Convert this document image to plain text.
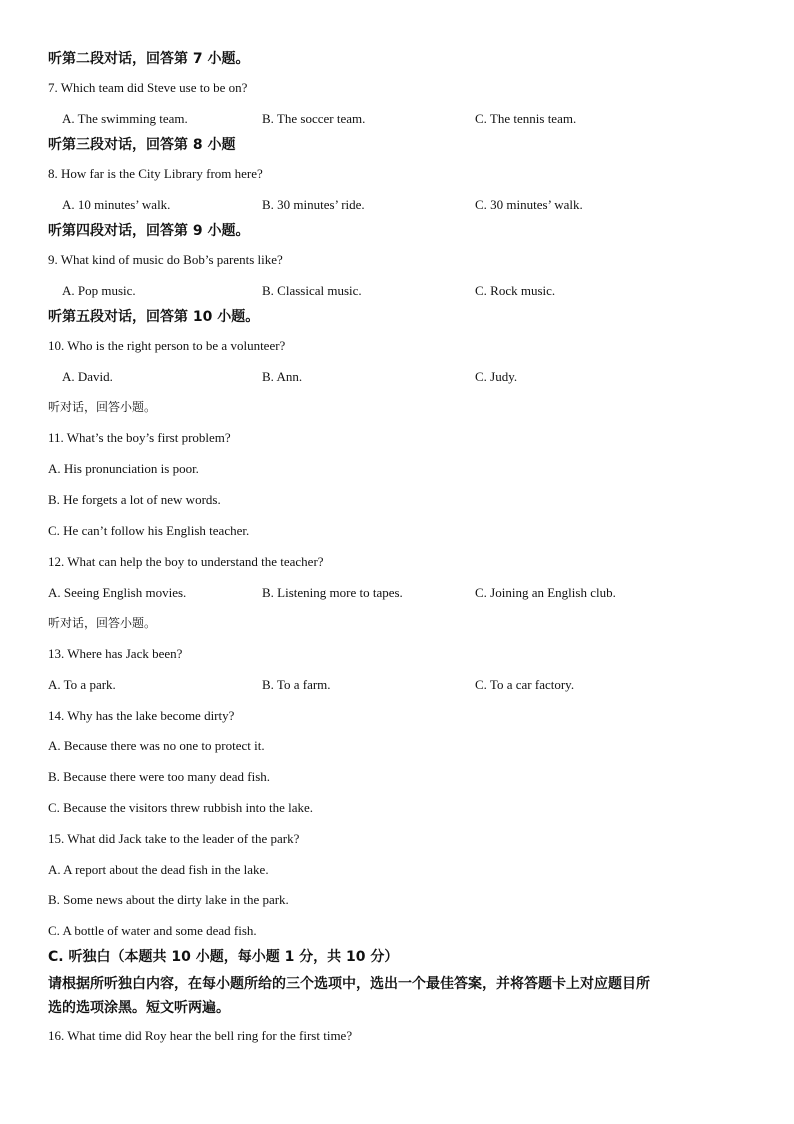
听第二段对话，回答第 7 小题。
7. Which team did Steve use to be on?
A. The swimming team.	B. The soccer team.	C. The tennis team.
听第三段对话，回答第 8 小题
8. How far is the City Library from here?
A. 10 minutes’ walk.	B. 30 minutes’ ride.	C. 30 minutes’ walk.
听第四段对话，回答第 9 小题。
9. What kind of music do Bob’s parents like?
A. Pop music.	B. Classical music.	C. Rock music.
听第五段对话，回答第 10 小题。
10. Who is the right person to be a volunteer?
A. David.	B. Ann.	C. Judy.
听对话，回答小题。
11. What’s the boy’s first problem?
A. His pronunciation is poor.
B. He forgets a lot of new words.
C. He can’t follow his English teacher.
12. What can help the boy to understand the teacher?
A. Seeing English movies.	B. Listening more to tapes.	C. Joining an English club.
听对话，回答小题。
13. Where has Jack been?
A. To a park.	B. To a farm.	C. To a car factory.
14. Why has the lake become dirty?
A. Because there was no one to protect it.
B. Because there were too many dead fish.
C. Because the visitors threw rubbish into the lake.
15. What did Jack take to the leader of the park?
A. A report about the dead fish in the lake.
B. Some news about the dirty lake in the park.
C. A bottle of water and some dead fish.
C. 听独白（本题共 10 小题，每小题 1 分，共 10 分）
请根据所听独白内容，在每小题所给的三个选项中，选出一个最佳答案，并将答题卡上对应题目所
选的选项涂黑。短文听两遍。
16. What time did Roy hear the bell ring for the first time?
